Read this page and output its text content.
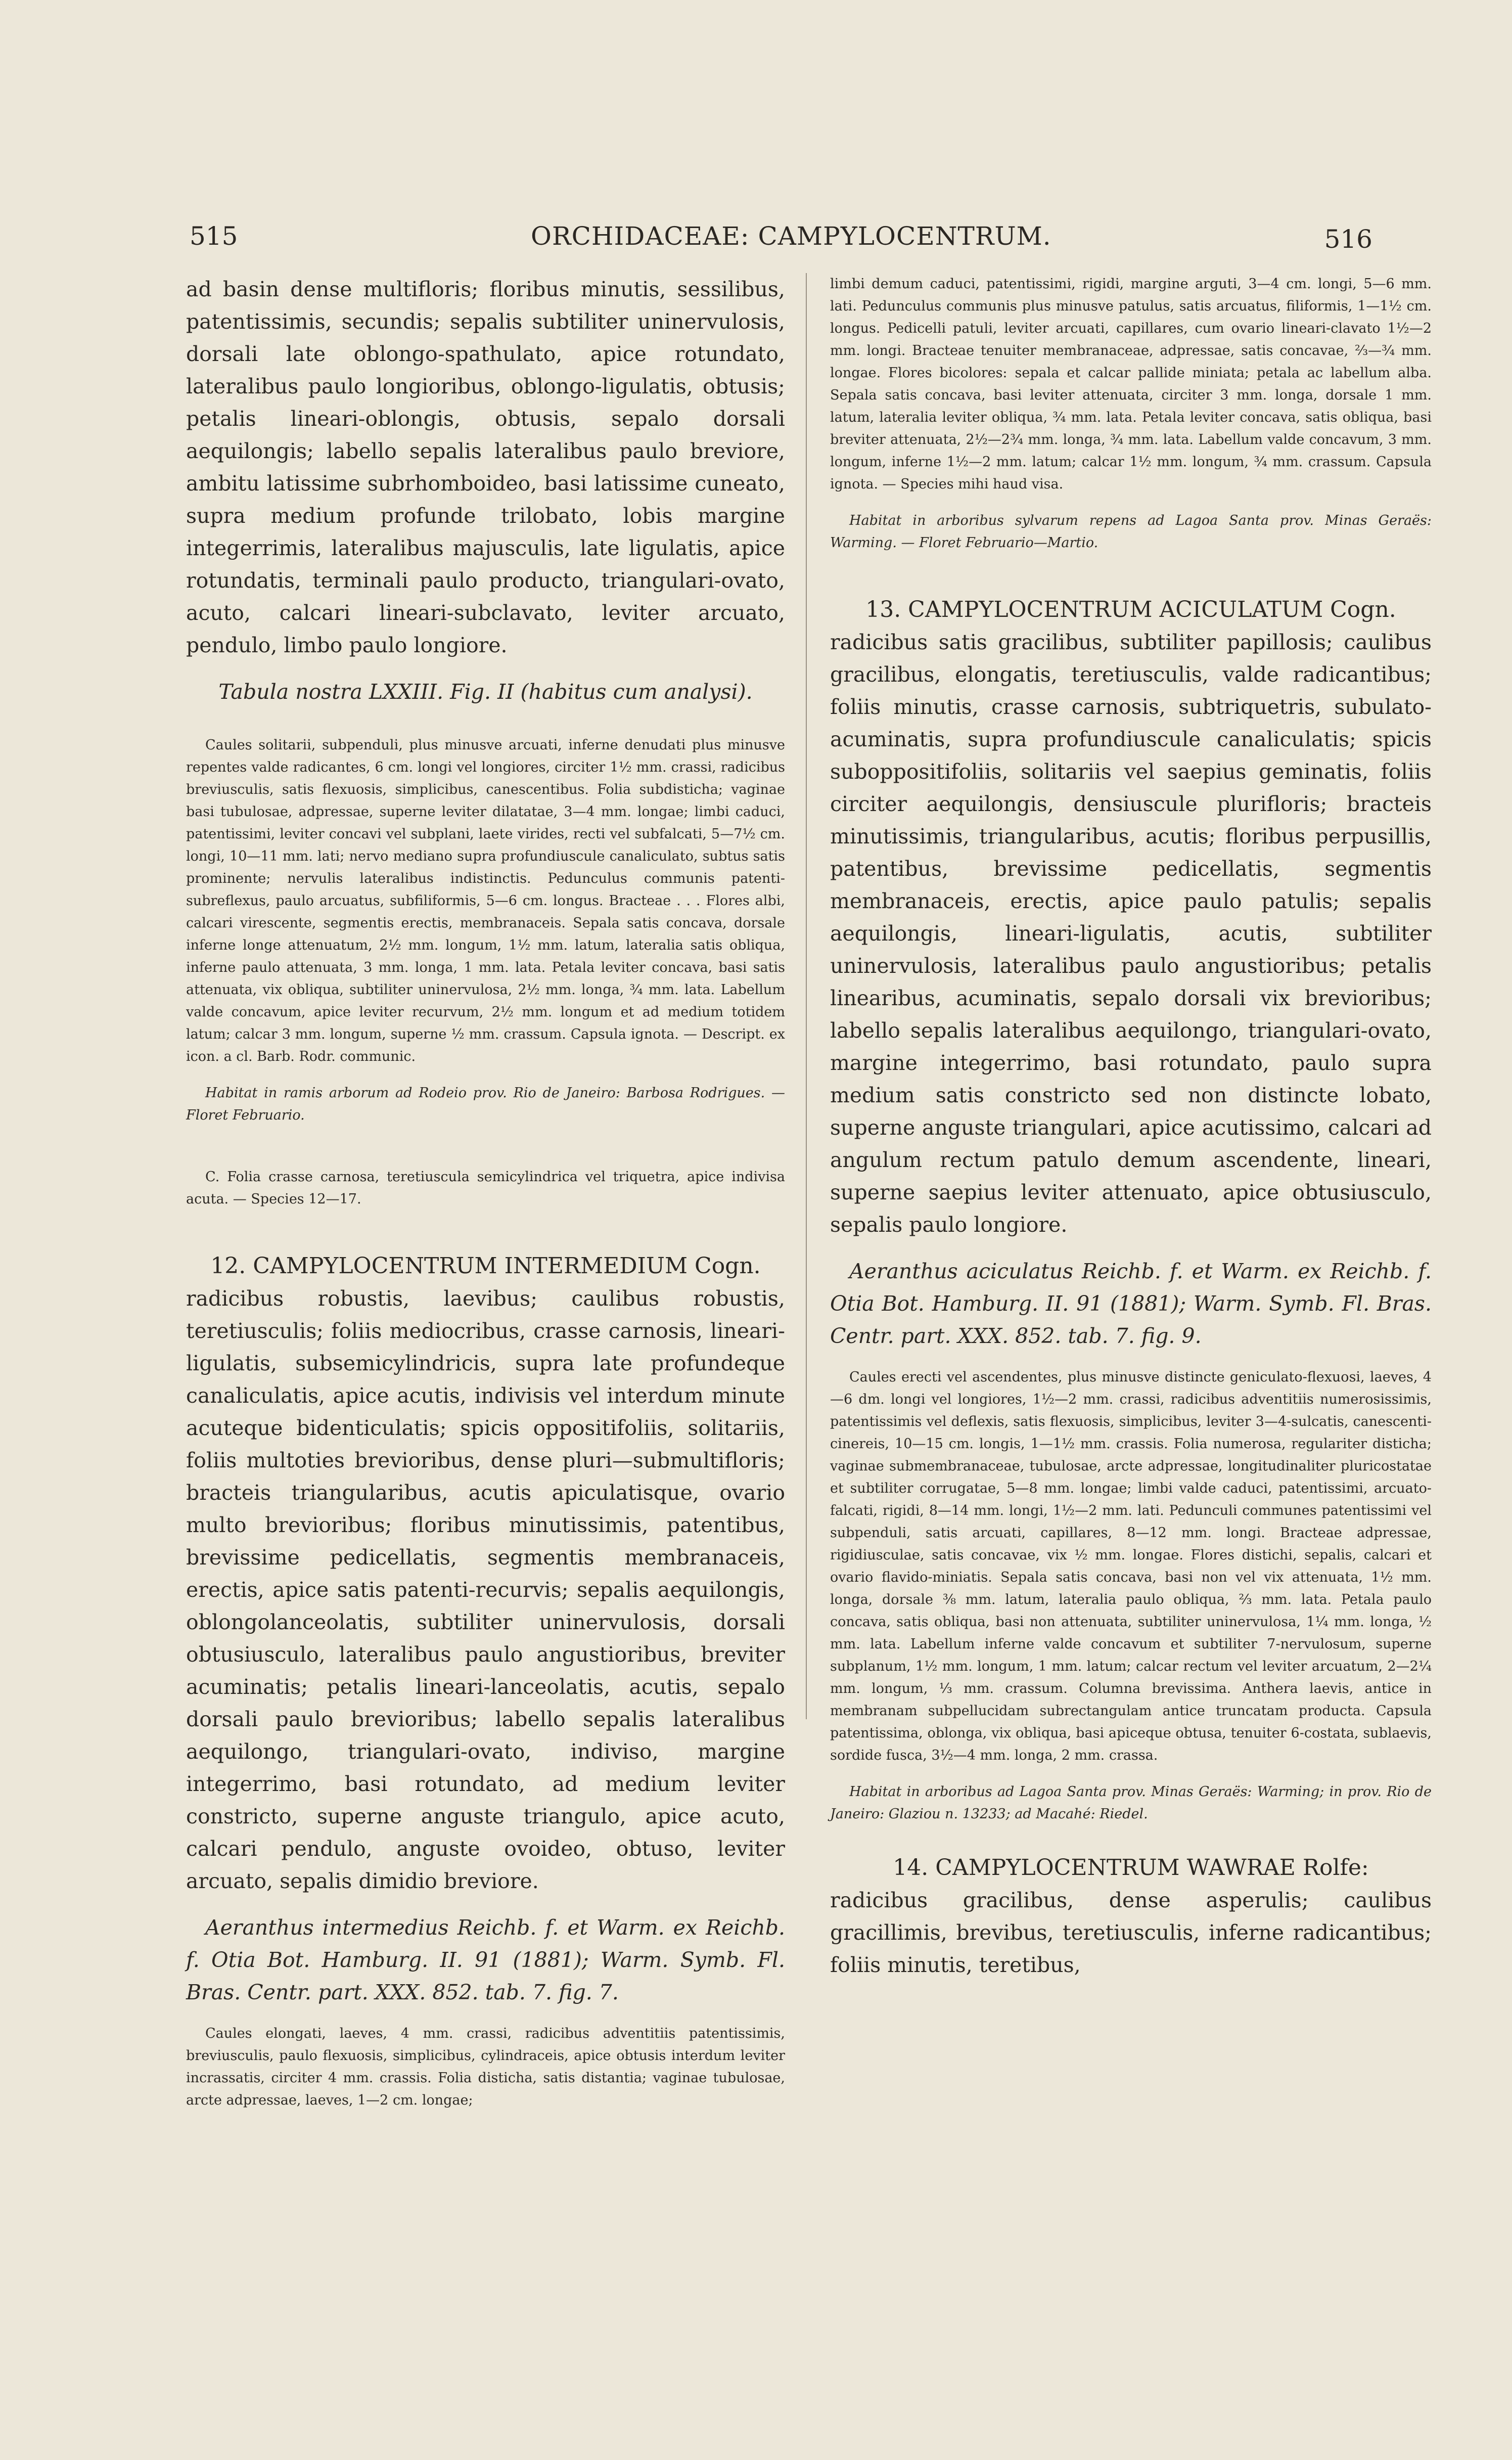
515	ORCHIDACEAE: CAMPYLOCENTRUM.	516

ad basin dense multifloris; floribus minutis, sessilibus, patentissimis, secundis; sepalis subtiliter uninervulosis, dorsali late oblongo-spathulato, apice rotundato, lateralibus paulo longioribus, oblongo-ligulatis, obtusis; petalis lineari-oblongis, obtusis, sepalo dorsali aequilongis; labello sepalis lateralibus paulo breviore, ambitu latissime subrhomboideo, basi latissime cuneato, supra medium profunde trilobato, lobis margine integerrimis, lateralibus majusculis, late ligulatis, apice rotundatis, terminali paulo producto, triangulari-ovato, acuto, calcari lineari-subclavato, leviter arcuato, pendulo, limbo paulo longiore.

Tabula nostra LXXIII. Fig. II (habitus cum analysi).

Caules solitarii, subpenduli, plus minusve arcuati, inferne denudati plus minusve repentes valde radicantes, 6 cm. longi vel longiores, circiter 1½ mm. crassi, radicibus breviusculis, satis flexuosis, simplicibus, canescentibus. Folia subdisticha; vaginae basi tubulosae, adpressae, superne leviter dilatatae, 3—4 mm. longae; limbi caduci, patentissimi, leviter concavi vel subplani, laete virides, recti vel subfalcati, 5—7½ cm. longi, 10—11 mm. lati; nervo mediano supra profundiuscule canaliculato, subtus satis prominente; nervulis lateralibus indistinctis. Pedunculus communis patenti-subreflexus, paulo arcuatus, subfiliformis, 5—6 cm. longus. Bracteae . . . Flores albi, calcari virescente, segmentis erectis, membranaceis. Sepala satis concava, dorsale inferne longe attenuatum, 2½ mm. longum, 1½ mm. latum, lateralia satis obliqua, inferne paulo attenuata, 3 mm. longa, 1 mm. lata. Petala leviter concava, basi satis attenuata, vix obliqua, subtiliter uninervulosa, 2½ mm. longa, ¾ mm. lata. Labellum valde concavum, apice leviter recurvum, 2½ mm. longum et ad medium totidem latum; calcar 3 mm. longum, superne ½ mm. crassum. Capsula ignota. — Descript. ex icon. a cl. Barb. Rodr. communic.

Habitat in ramis arborum ad Rodeio prov. Rio de Janeiro: Barbosa Rodrigues. — Floret Februario.

C. Folia crasse carnosa, teretiuscula semicylindrica vel triquetra, apice indivisa acuta. — Species 12—17.

12. CAMPYLOCENTRUM INTERMEDIUM Cogn.

radicibus robustis, laevibus; caulibus robustis, teretiusculis; foliis mediocribus, crasse carnosis, lineari-ligulatis, subsemicylindricis, supra late profundeque canaliculatis, apice acutis, indivisis vel interdum minute acuteque bidenticulatis; spicis oppositifoliis, solitariis, foliis multoties brevioribus, dense pluri—submultifloris; bracteis triangularibus, acutis apiculatisque, ovario multo brevioribus; floribus minutissimis, patentibus, brevissime pedicellatis, segmentis membranaceis, erectis, apice satis patenti-recurvis; sepalis aequilongis, oblongolanceolatis, subtiliter uninervulosis, dorsali obtusiusculo, lateralibus paulo angustioribus, breviter acuminatis; petalis lineari-lanceolatis, acutis, sepalo dorsali paulo brevioribus; labello sepalis lateralibus aequilongo, triangulari-ovato, indiviso, margine integerrimo, basi rotundato, ad medium leviter constricto, superne anguste triangulo, apice acuto, calcari pendulo, anguste ovoideo, obtuso, leviter arcuato, sepalis dimidio breviore.

Aeranthus intermedius Reichb. f. et Warm. ex Reichb. f. Otia Bot. Hamburg. II. 91 (1881); Warm. Symb. Fl. Bras. Centr. part. XXX. 852. tab. 7. fig. 7.

Caules elongati, laeves, 4 mm. crassi, radicibus adventitiis patentissimis, breviusculis, paulo flexuosis, simplicibus, cylindraceis, apice obtusis interdum leviter incrassatis, circiter 4 mm. crassis. Folia disticha, satis distantia; vaginae tubulosae, arcte adpressae, laeves, 1—2 cm. longae;

limbi demum caduci, patentissimi, rigidi, margine arguti, 3—4 cm. longi, 5—6 mm. lati. Pedunculus communis plus minusve patulus, satis arcuatus, filiformis, 1—1½ cm. longus. Pedicelli patuli, leviter arcuati, capillares, cum ovario lineari-clavato 1½—2 mm. longi. Bracteae tenuiter membranaceae, adpressae, satis concavae, ⅔—¾ mm. longae. Flores bicolores: sepala et calcar pallide miniata; petala ac labellum alba. Sepala satis concava, basi leviter attenuata, circiter 3 mm. longa, dorsale 1 mm. latum, lateralia leviter obliqua, ¾ mm. lata. Petala leviter concava, satis obliqua, basi breviter attenuata, 2½—2¾ mm. longa, ¾ mm. lata. Labellum valde concavum, 3 mm. longum, inferne 1½—2 mm. latum; calcar 1½ mm. longum, ¾ mm. crassum. Capsula ignota. — Species mihi haud visa.

Habitat in arboribus sylvarum repens ad Lagoa Santa prov. Minas Geraës: Warming. — Floret Februario—Martio.

13. CAMPYLOCENTRUM ACICULATUM Cogn.

radicibus satis gracilibus, subtiliter papillosis; caulibus gracilibus, elongatis, teretiusculis, valde radicantibus; foliis minutis, crasse carnosis, subtriquetris, subulato-acuminatis, supra profundiuscule canaliculatis; spicis suboppositifoliis, solitariis vel saepius geminatis, foliis circiter aequilongis, densiuscule plurifloris; bracteis minutissimis, triangularibus, acutis; floribus perpusillis, patentibus, brevissime pedicellatis, segmentis membranaceis, erectis, apice paulo patulis; sepalis aequilongis, lineari-ligulatis, acutis, subtiliter uninervulosis, lateralibus paulo angustioribus; petalis linearibus, acuminatis, sepalo dorsali vix brevioribus; labello sepalis lateralibus aequilongo, triangulari-ovato, margine integerrimo, basi rotundato, paulo supra medium satis constricto sed non distincte lobato, superne anguste triangulari, apice acutissimo, calcari ad angulum rectum patulo demum ascendente, lineari, superne saepius leviter attenuato, apice obtusiusculo, sepalis paulo longiore.

Aeranthus aciculatus Reichb. f. et Warm. ex Reichb. f. Otia Bot. Hamburg. II. 91 (1881); Warm. Symb. Fl. Bras. Centr. part. XXX. 852. tab. 7. fig. 9.

Caules erecti vel ascendentes, plus minusve distincte geniculato-flexuosi, laeves, 4—6 dm. longi vel longiores, 1½—2 mm. crassi, radicibus adventitiis numerosissimis, patentissimis vel deflexis, satis flexuosis, simplicibus, leviter 3—4-sulcatis, canescenti-cinereis, 10—15 cm. longis, 1—1½ mm. crassis. Folia numerosa, regulariter disticha; vaginae submembranaceae, tubulosae, arcte adpressae, longitudinaliter pluricostatae et subtiliter corrugatae, 5—8 mm. longae; limbi valde caduci, patentissimi, arcuato-falcati, rigidi, 8—14 mm. longi, 1½—2 mm. lati. Pedunculi communes patentissimi vel subpenduli, satis arcuati, capillares, 8—12 mm. longi. Bracteae adpressae, rigidiusculae, satis concavae, vix ½ mm. longae. Flores distichi, sepalis, calcari et ovario flavido-miniatis. Sepala satis concava, basi non vel vix attenuata, 1½ mm. longa, dorsale ⅜ mm. latum, lateralia paulo obliqua, ⅔ mm. lata. Petala paulo concava, satis obliqua, basi non attenuata, subtiliter uninervulosa, 1¼ mm. longa, ½ mm. lata. Labellum inferne valde concavum et subtiliter 7-nervulosum, superne subplanum, 1½ mm. longum, 1 mm. latum; calcar rectum vel leviter arcuatum, 2—2¼ mm. longum, ⅓ mm. crassum. Columna brevissima. Anthera laevis, antice in membranam subpellucidam subrectangulam antice truncatam producta. Capsula patentissima, oblonga, vix obliqua, basi apiceque obtusa, tenuiter 6-costata, sublaevis, sordide fusca, 3½—4 mm. longa, 2 mm. crassa.

Habitat in arboribus ad Lagoa Santa prov. Minas Geraës: Warming; in prov. Rio de Janeiro: Glaziou n. 13233; ad Macahé: Riedel.

14. CAMPYLOCENTRUM WAWRAE Rolfe:

radicibus gracilibus, dense asperulis; caulibus gracillimis, brevibus, teretiusculis, inferne radicantibus; foliis minutis, teretibus,
